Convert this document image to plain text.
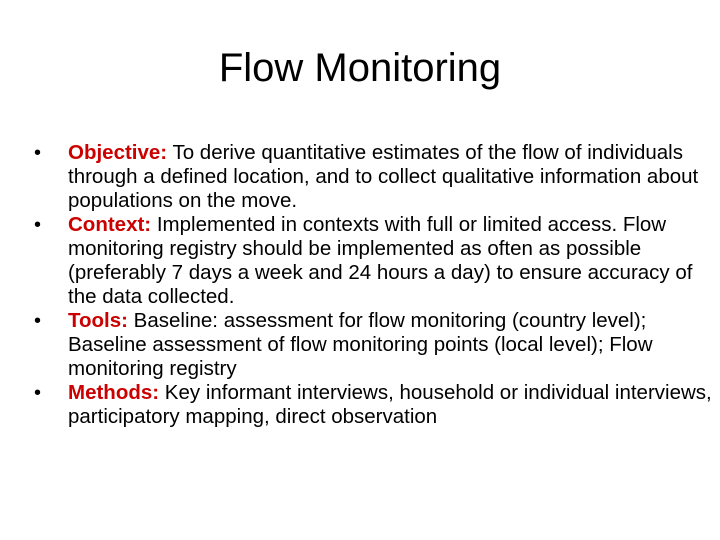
Flow Monitoring
•	Objective: To derive quantitative estimates of the flow of individuals through a defined location, and to collect qualitative information about populations on the move.
•	Context: Implemented in contexts with full or limited access. Flow monitoring registry should be implemented as often as possible (preferably 7 days a week and 24 hours a day) to ensure accuracy of the data collected.
•	Tools: Baseline: assessment for flow monitoring (country level); Baseline assessment of flow monitoring points (local level); Flow monitoring registry
•	Methods: Key informant interviews, household or individual interviews, participatory mapping, direct observation
